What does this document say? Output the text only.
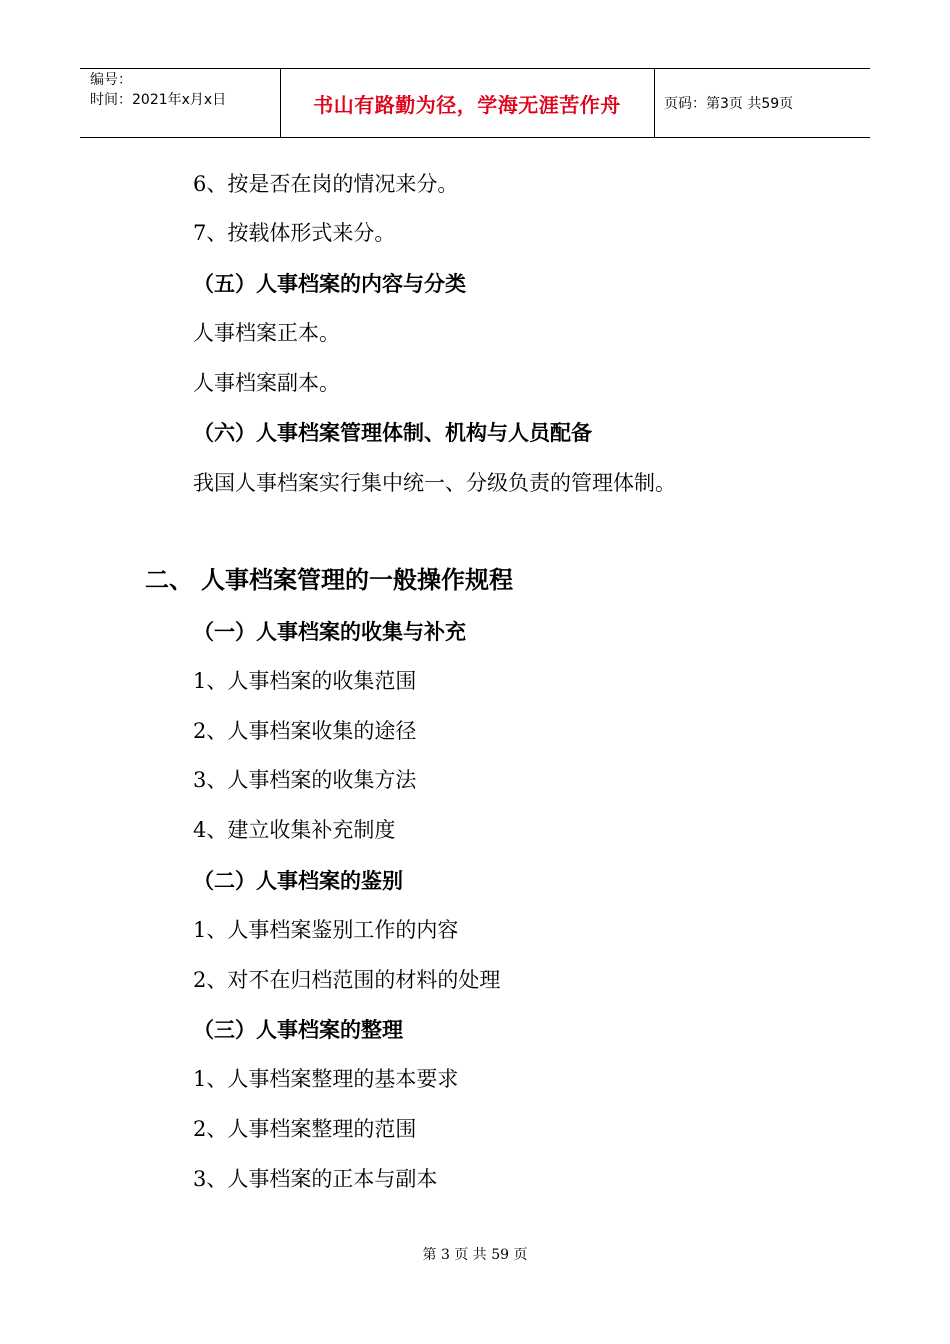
编号：
时间：2021年x月x日	书山有路勤为径，学海无涯苦作舟	页码：第3页 共59页
6、按是否在岗的情况来分。
7、按载体形式来分。
（五）人事档案的内容与分类
人事档案正本。
人事档案副本。
（六）人事档案管理体制、机构与人员配备
我国人事档案实行集中统一、分级负责的管理体制。
二、 人事档案管理的一般操作规程
（一）人事档案的收集与补充
1、人事档案的收集范围
2、人事档案收集的途径
3、人事档案的收集方法
4、建立收集补充制度
（二）人事档案的鉴别
1、人事档案鉴别工作的内容
2、对不在归档范围的材料的处理
（三）人事档案的整理
1、人事档案整理的基本要求
2、人事档案整理的范围
3、人事档案的正本与副本
第 3 页 共 59 页
